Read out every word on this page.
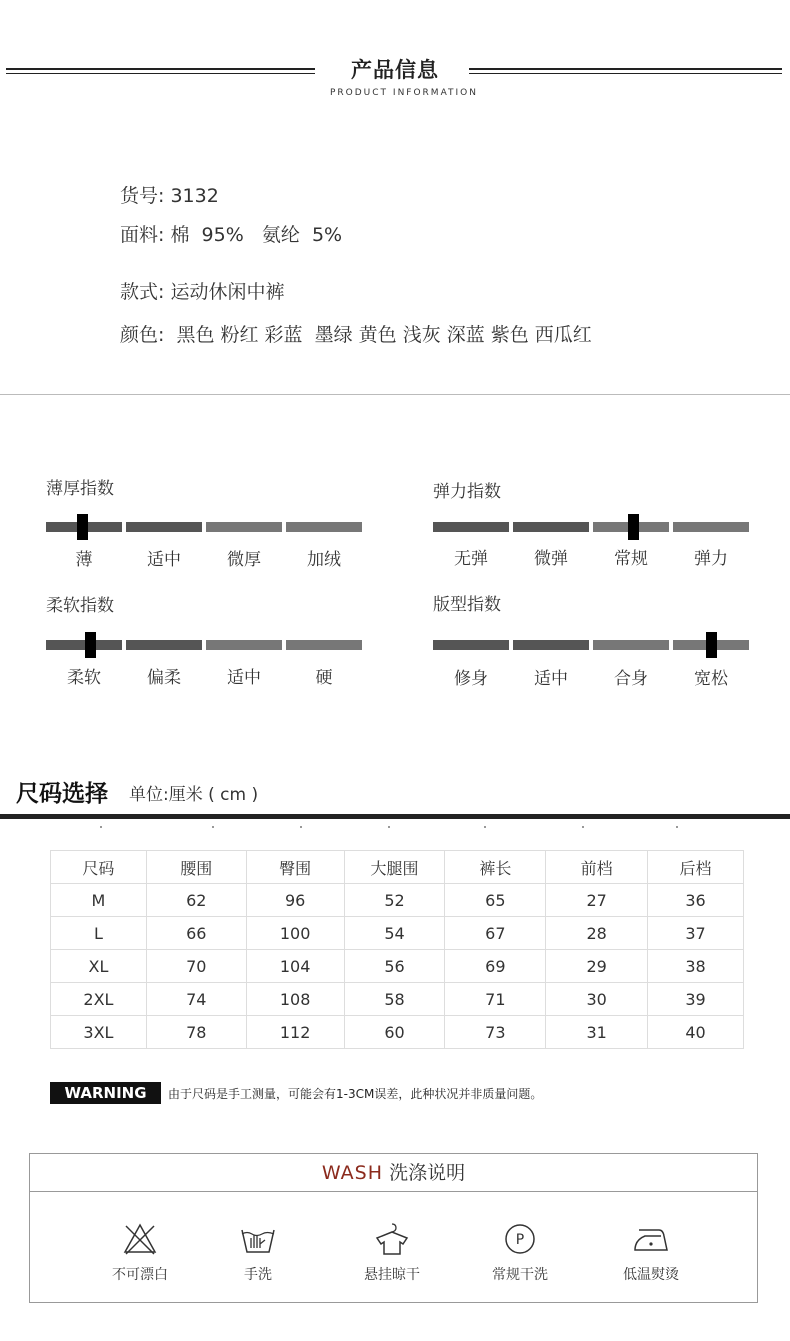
产品信息
PRODUCT INFORMATION
货号: 3132
面料: 棉  95%   氨纶  5%
款式: 运动休闲中裤
颜色: 黑色 粉红 彩蓝  墨绿 黄色 浅灰 深蓝 紫色 西瓜红
薄厚指数
薄	适中	微厚	加绒
弹力指数
无弹	微弹	常规	弹力
柔软指数
柔软	偏柔	适中	硬
版型指数
修身	适中	合身	宽松
尺码选择 单位:厘米 ( cm )
尺码	腰围	臀围	大腿围	裤长	前档	后档
M	62	96	52	65	27	36
L	66	100	54	67	28	37
XL	70	104	56	69	29	38
2XL	74	108	58	71	30	39
3XL	78	112	60	73	31	40
WARNING	由于尺码是手工测量，可能会有1-3CM误差，此种状况并非质量问题。
WASH 洗涤说明
不可漂白	手洗	悬挂晾干
P
常规干洗	低温熨烫
